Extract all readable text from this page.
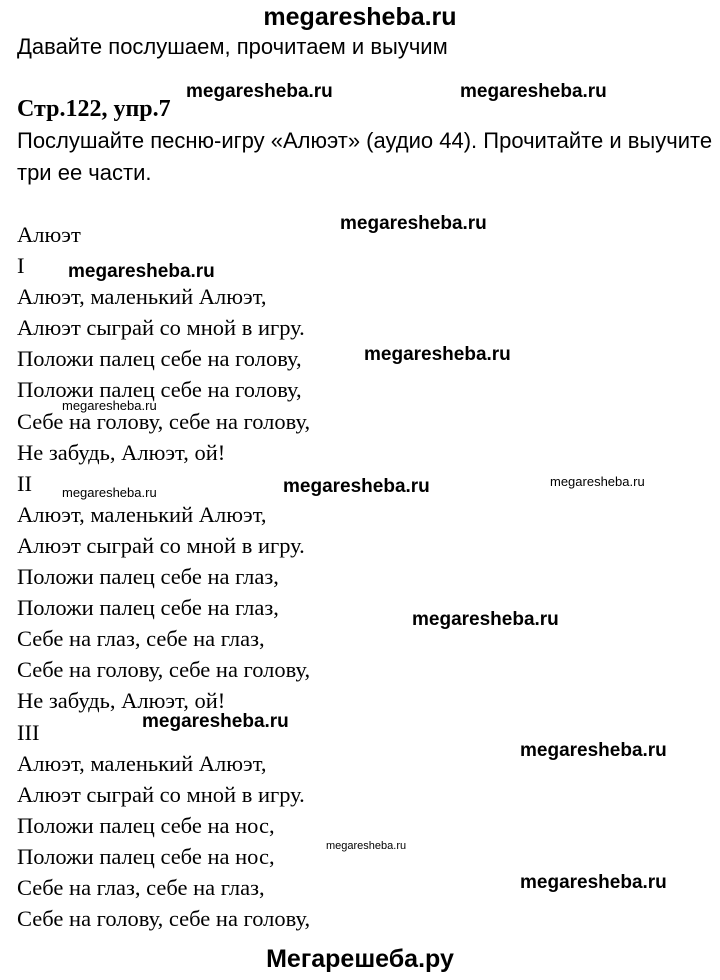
megaresheba.ru
Давайте послушаем, прочитаем и выучим
Стр.122, упр.7
Послушайте песню-игру «Алюэт» (аудио 44). Прочитайте и выучите три ее части.
Алюэт
I
Алюэт, маленький Алюэт,
Алюэт сыграй со мной в игру.
Положи палец себе на голову,
Положи палец себе на голову,
Себе на голову, себе на голову,
Не забудь, Алюэт, ой!
II
Алюэт, маленький Алюэт,
Алюэт сыграй со мной в игру.
Положи палец себе на глаз,
Положи палец себе на глаз,
Себе на глаз, себе на глаз,
Себе на голову, себе на голову,
Не забудь, Алюэт, ой!
III
Алюэт, маленький Алюэт,
Алюэт сыграй со мной в игру.
Положи палец себе на нос,
Положи палец себе на нос,
Себе на глаз, себе на глаз,
Себе на голову, себе на голову,
megaresheba.ru	megaresheba.ru
megaresheba.ru
megaresheba.ru
megaresheba.ru
megaresheba.ru
megaresheba.ru	megaresheba.ru
megaresheba.ru
megaresheba.ru
megaresheba.ru
megaresheba.ru
megaresheba.ru
megaresheba.ru
Мегарешеба.ру
